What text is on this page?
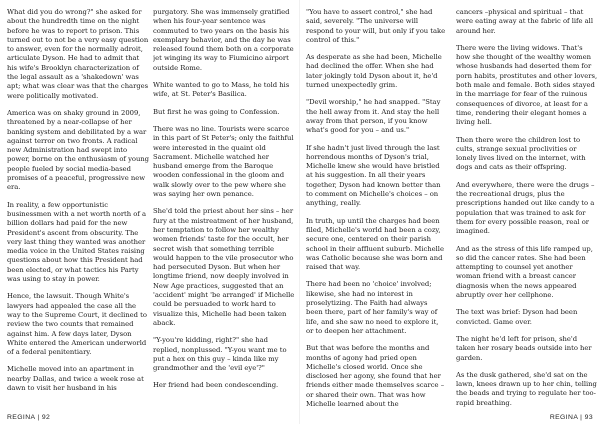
What did you do wrong?" she asked for about the hundredth time on the night before he was to report to prison. This turned out to not be a very easy question to answer, even for the normally adroit, articulate Dyson. He had to admit that his wife's Brooklyn characterization of the legal assault as a 'shakedown' was apt; what was clear was that the charges were politically motivated.

America was on shaky ground in 2009, threatened by a near-collapse of her banking system and debilitated by a war against terror on two fronts. A radical new Administration had swept into power, borne on the enthusiasm of young people fueled by social media-based promises of a peaceful, progressive new era.

In reality, a few opportunistic businessmen with a net worth north of a billion dollars had paid for the new President's ascent from obscurity. The very last thing they wanted was another media voice in the United States raising questions about how this President had been elected, or what tactics his Party was using to stay in power.

Hence, the lawsuit. Though White's lawyers had appealed the case all the way to the Supreme Court, it declined to review the two counts that remained against him. A few days later, Dyson White entered the American underworld of a federal penitentiary.

Michelle moved into an apartment in nearby Dallas, and twice a week rose at dawn to visit her husband in his

purgatory. She was immensely gratified when his four-year sentence was commuted to two years on the basis his exemplary behavior, and the day he was released found them both on a corporate jet winging its way to Fiumicino airport outside Rome.

White wanted to go to Mass, he told his wife, at St. Peter's Basilica.

But first he was going to Confession.

There was no line. Tourists were scarce in this part of St Peter's; only the faithful were interested in the quaint old Sacrament. Michelle watched her husband emerge from the Baroque wooden confessional in the gloom and walk slowly over to the pew where she was saying her own penance.

She'd told the priest about her sins – her fury at the mistreatment of her husband, her temptation to follow her wealthy women friends' taste for the occult, her secret wish that something terrible would happen to the vile prosecutor who had persecuted Dyson. But when her longtime friend, now deeply involved in New Age practices, suggested that an 'accident' might 'be arranged' if Michelle could be persuaded to work hard to visualize this, Michelle had been taken aback.

"Y-you're kidding, right?" she had replied, nonplussed. "Y-you want me to put a hex on this guy – kinda like my grandmother and the 'evil eye'?"

Her friend had been condescending.

REGINA | 92

"You have to assert control," she had said, severely. "The universe will respond to your will, but only if you take control of this."

As desperate as she had been, Michelle had declined the offer. When she had later jokingly told Dyson about it, he'd turned unexpectedly grim.

"Devil worship," he had snapped. "Stay the hell away from it. And stay the hell away from that person, if you know what's good for you – and us."

If she hadn't just lived through the last horrendous months of Dyson's trial, Michelle knew she would have bristled at his suggestion. In all their years together, Dyson had known better than to comment on Michelle's choices – on anything, really.

In truth, up until the charges had been filed, Michelle's world had been a cozy, secure one, centered on their parish school in their affluent suburb. Michelle was Catholic because she was born and raised that way.

There had been no 'choice' involved; likewise, she had no interest in proselytizing. The Faith had always been there, part of her family's way of life, and she saw no need to explore it, or to deepen her attachment.

But that was before the months and months of agony had pried open Michelle's closed world. Once she disclosed her agony, she found that her friends either made themselves scarce – or shared their own. That was how Michelle learned about the

cancers –physical and spiritual – that were eating away at the fabric of life all around her.

There were the living widows. That's how she thought of the wealthy women whose husbands had deserted them for porn habits, prostitutes and other lovers, both male and female. Both sides stayed in the marriage for fear of the ruinous consequences of divorce, at least for a time, rendering their elegant homes a living hell.

Then there were the children lost to cults, strange sexual proclivities or lonely lives lived on the internet, with dogs and cats as their offspring.

And everywhere, there were the drugs – the recreational drugs, plus the prescriptions handed out like candy to a population that was trained to ask for them for every possible reason, real or imagined.

And as the stress of this life ramped up, so did the cancer rates. She had been attempting to counsel yet another woman friend with a breast cancer diagnosis when the news appeared abruptly over her cellphone.

The text was brief: Dyson had been convicted. Game over.

The night he'd left for prison, she'd taken her rosary beads outside into her garden.

As the dusk gathered, she'd sat on the lawn, knees drawn up to her chin, telling the beads and trying to regulate her too-rapid breathing.

REGINA | 93
